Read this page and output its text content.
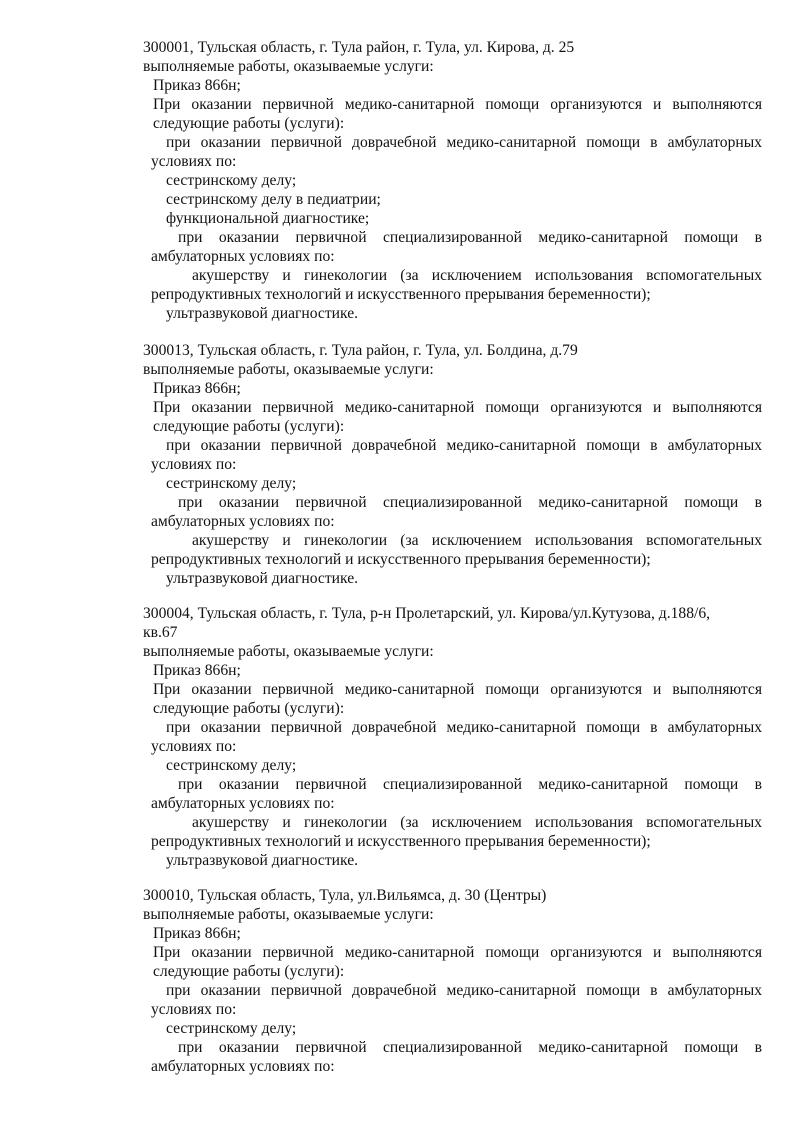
300001, Тульская область, г. Тула район, г. Тула, ул. Кирова, д. 25
выполняемые работы, оказываемые услуги:
Приказ 866н;
При оказании первичной медико-санитарной помощи организуются и выполняются
следующие работы (услуги):
при оказании первичной доврачебной медико-санитарной помощи в амбулаторных
условиях по:
сестринскому делу;
сестринскому делу в педиатрии;
функциональной диагностике;
при оказании первичной специализированной медико-санитарной помощи в
амбулаторных условиях по:
акушерству и гинекологии (за исключением использования вспомогательных
репродуктивных технологий и искусственного прерывания беременности);
ультразвуковой диагностике.
300013, Тульская область, г. Тула район, г. Тула, ул. Болдина, д.79
выполняемые работы, оказываемые услуги:
Приказ 866н;
При оказании первичной медико-санитарной помощи организуются и выполняются
следующие работы (услуги):
при оказании первичной доврачебной медико-санитарной помощи в амбулаторных
условиях по:
сестринскому делу;
при оказании первичной специализированной медико-санитарной помощи в
амбулаторных условиях по:
акушерству и гинекологии (за исключением использования вспомогательных
репродуктивных технологий и искусственного прерывания беременности);
ультразвуковой диагностике.
300004, Тульская область, г. Тула, р-н Пролетарский, ул. Кирова/ул.Кутузова, д.188/6,
кв.67
выполняемые работы, оказываемые услуги:
Приказ 866н;
При оказании первичной медико-санитарной помощи организуются и выполняются
следующие работы (услуги):
при оказании первичной доврачебной медико-санитарной помощи в амбулаторных
условиях по:
сестринскому делу;
при оказании первичной специализированной медико-санитарной помощи в
амбулаторных условиях по:
акушерству и гинекологии (за исключением использования вспомогательных
репродуктивных технологий и искусственного прерывания беременности);
ультразвуковой диагностике.
300010, Тульская область, Тула, ул.Вильямса, д. 30 (Центры)
выполняемые работы, оказываемые услуги:
Приказ 866н;
При оказании первичной медико-санитарной помощи организуются и выполняются
следующие работы (услуги):
при оказании первичной доврачебной медико-санитарной помощи в амбулаторных
условиях по:
сестринскому делу;
при оказании первичной специализированной медико-санитарной помощи в
амбулаторных условиях по:
